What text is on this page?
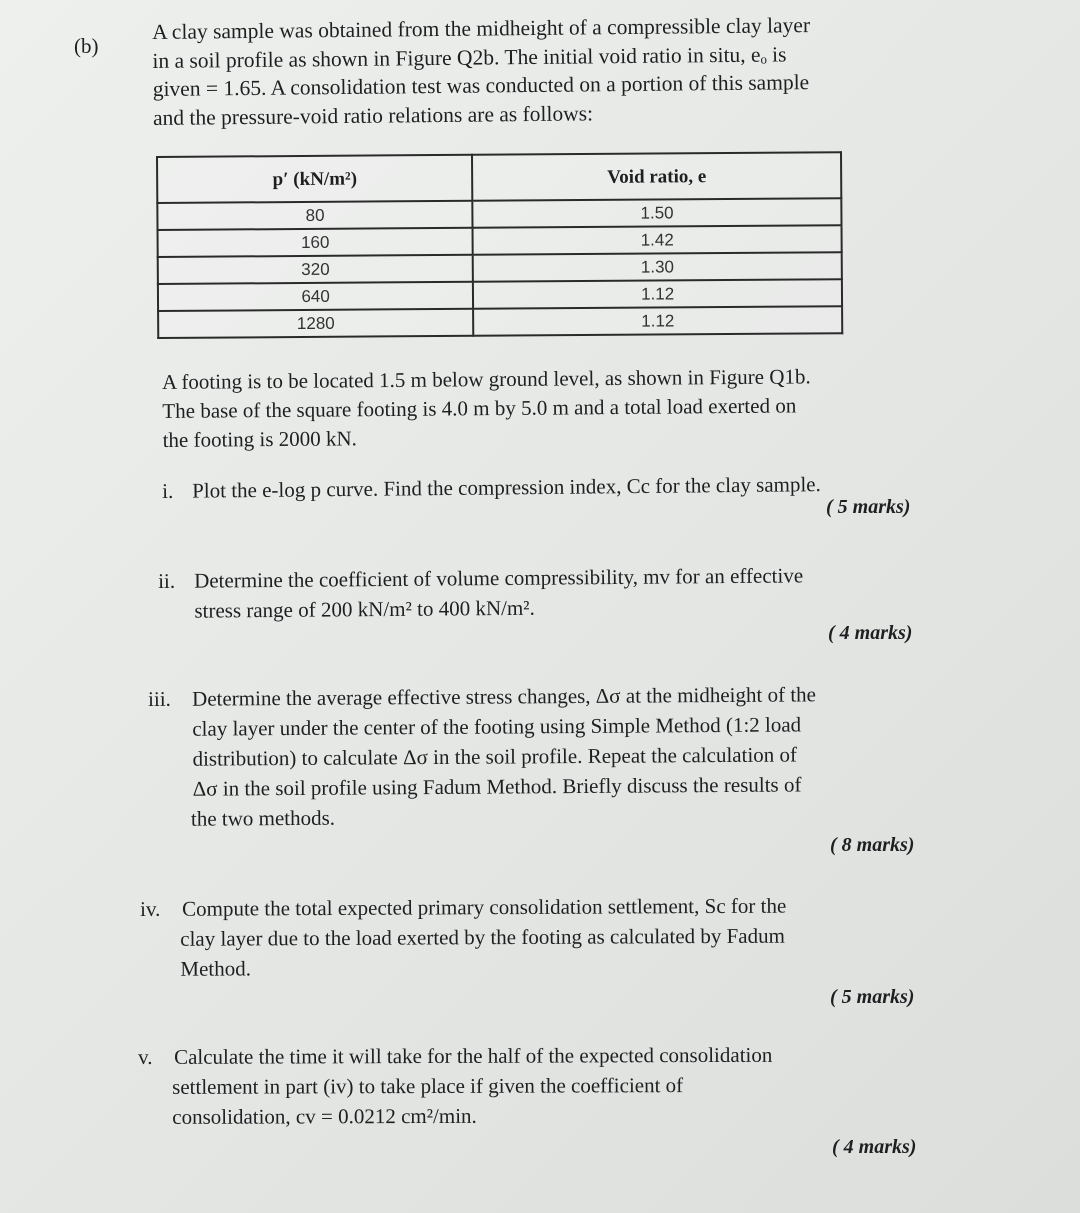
(b)
A clay sample was obtained from the midheight of a compressible clay layer
in a soil profile as shown in Figure Q2b. The initial void ratio in situ, eₒ is
given = 1.65. A consolidation test was conducted on a portion of this sample
and the pressure-void ratio relations are as follows:
p′ (kN/m²)	Void ratio, e
80	1.50
160	1.42
320	1.30
640	1.12
1280	1.12
A footing is to be located 1.5 m below ground level, as shown in Figure Q1b.
The base of the square footing is 4.0 m by 5.0 m and a total load exerted on
the footing is 2000 kN.
i. Plot the e-log p curve. Find the compression index, Cc for the clay sample.
( 5 marks)
ii. Determine the coefficient of volume compressibility, mv for an effective
stress range of 200 kN/m² to 400 kN/m².
( 4 marks)
iii. Determine the average effective stress changes, Δσ at the midheight of the
clay layer under the center of the footing using Simple Method (1:2 load
distribution) to calculate Δσ in the soil profile. Repeat the calculation of
Δσ in the soil profile using Fadum Method. Briefly discuss the results of
the two methods.
( 8 marks)
iv. Compute the total expected primary consolidation settlement, Sc for the
clay layer due to the load exerted by the footing as calculated by Fadum
Method.
( 5 marks)
v. Calculate the time it will take for the half of the expected consolidation
settlement in part (iv) to take place if given the coefficient of
consolidation, cv = 0.0212 cm²/min.
( 4 marks)
